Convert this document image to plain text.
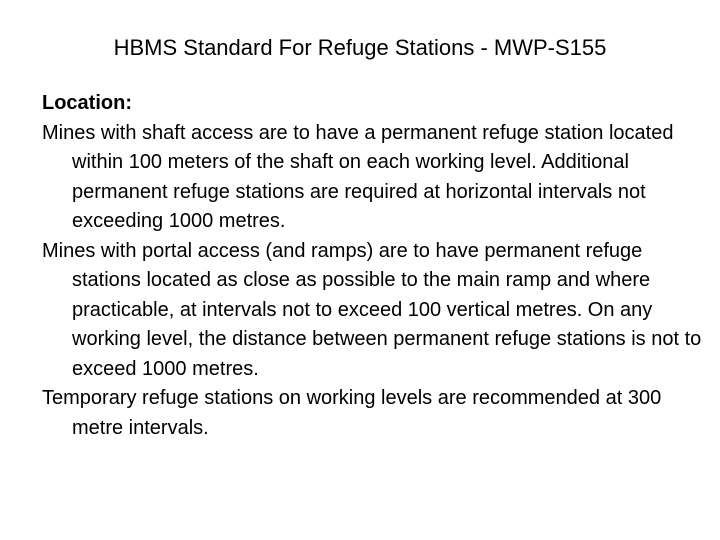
HBMS Standard For Refuge Stations - MWP-S155

Location:

Mines with shaft access are to have a permanent refuge station located within 100 meters of the shaft on each working level. Additional permanent refuge stations are required at horizontal intervals not exceeding 1000 metres.

Mines with portal access (and ramps) are to have permanent refuge stations located as close as possible to the main ramp and where practicable, at intervals not to exceed 100 vertical metres. On any working level, the distance between permanent refuge stations is not to exceed 1000 metres.

Temporary refuge stations on working levels are recommended at 300 metre intervals.
